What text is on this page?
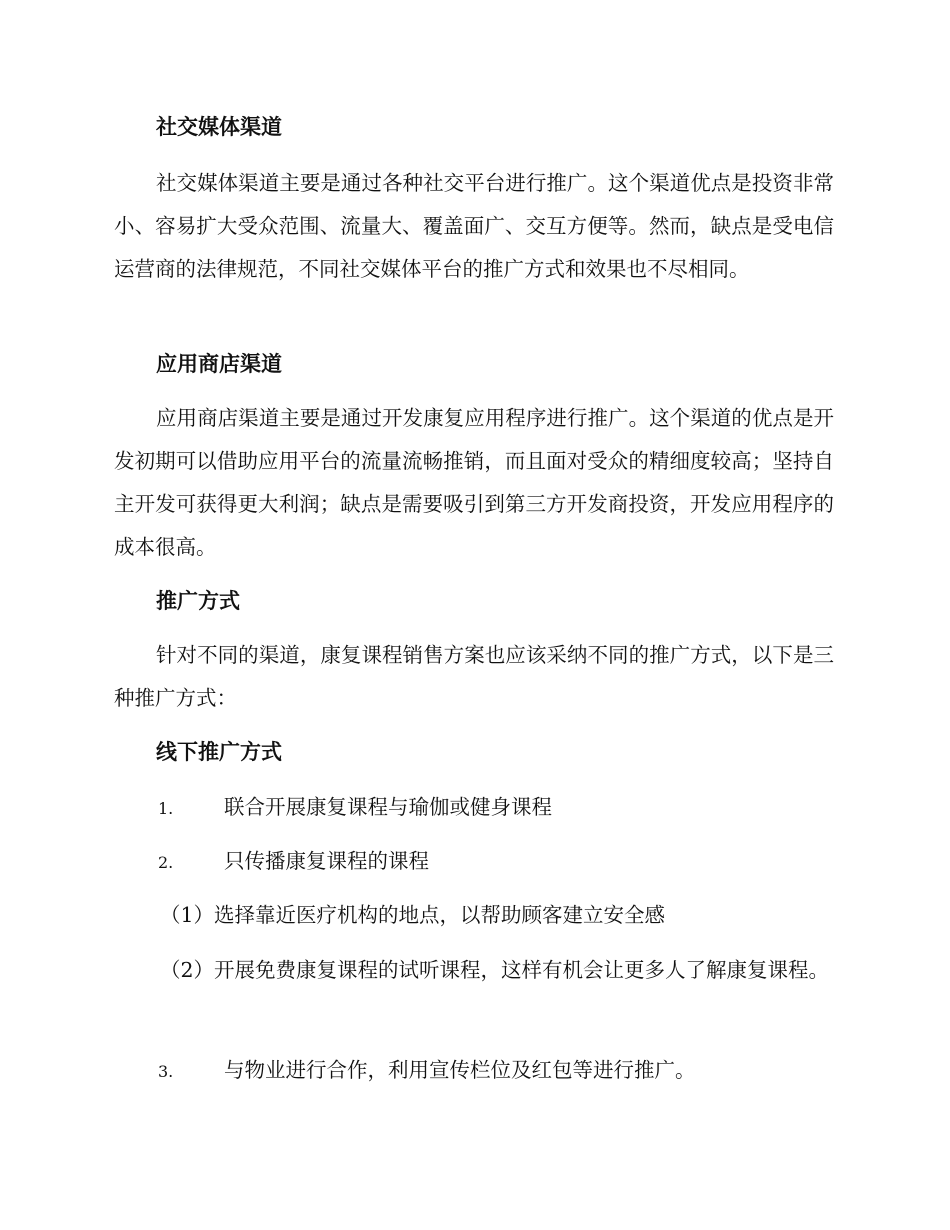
社交媒体渠道

社交媒体渠道主要是通过各种社交平台进行推广。这个渠道优点是投资非常小、容易扩大受众范围、流量大、覆盖面广、交互方便等。然而，缺点是受电信运营商的法律规范，不同社交媒体平台的推广方式和效果也不尽相同。

应用商店渠道

应用商店渠道主要是通过开发康复应用程序进行推广。这个渠道的优点是开发初期可以借助应用平台的流量流畅推销，而且面对受众的精细度较高；坚持自主开发可获得更大利润；缺点是需要吸引到第三方开发商投资，开发应用程序的成本很高。

推广方式

针对不同的渠道，康复课程销售方案也应该采纳不同的推广方式，以下是三种推广方式：

线下推广方式
1. 联合开展康复课程与瑜伽或健身课程
2. 只传播康复课程的课程

（1）选择靠近医疗机构的地点，以帮助顾客建立安全感

（2）开展免费康复课程的试听课程，这样有机会让更多人了解康复课程。

3. 与物业进行合作，利用宣传栏位及红包等进行推广。
